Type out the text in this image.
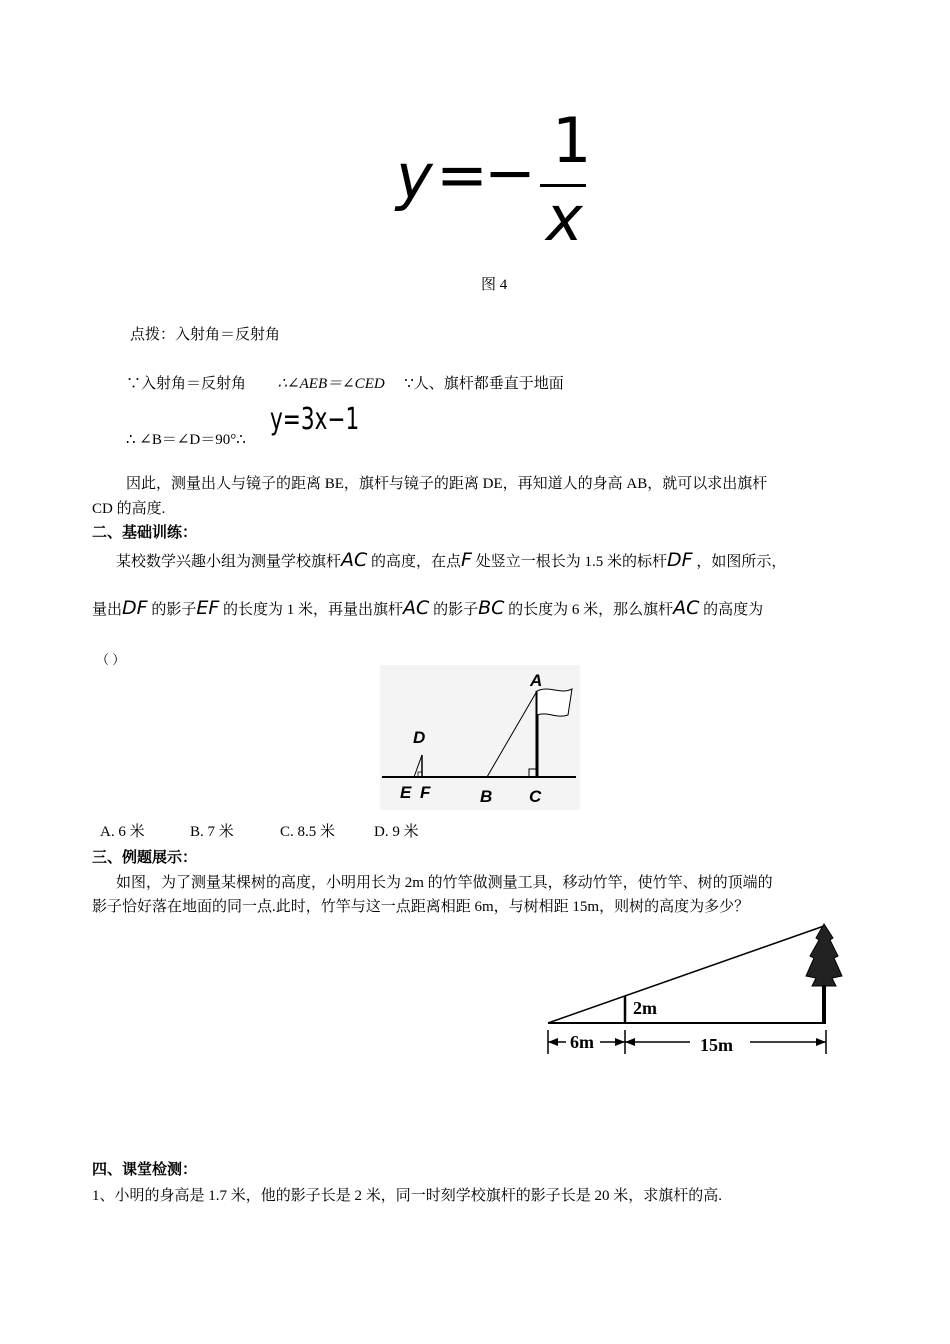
y =
− 1
x
图 4
点拨：入射角＝反射角
∵入射角＝反射角 ∴∠AEB＝∠CED ∵人、旗杆都垂直于地面
∴ ∠B＝∠D＝90°∴
y=3x−1
因此，测量出人与镜子的距离 BE，旗杆与镜子的距离 DE，再知道人的身高 AB，就可以求出旗杆
CD 的高度.
二、基础训练：
某校数学兴趣小组为测量学校旗杆AC 的高度，在点F 处竖立一根长为 1.5 米的标杆DF ，如图所示，
量出DF 的影子EF 的长度为 1 米，再量出旗杆AC 的影子BC 的长度为 6 米，那么旗杆AC 的高度为
（ ）
A
D
E F	B C
A. 6 米	B. 7 米	C. 8.5 米	D. 9 米
三、例题展示：
如图，为了测量某棵树的高度，小明用长为 2m 的竹竿做测量工具，移动竹竿，使竹竿、树的顶端的
影子恰好落在地面的同一点.此时，竹竿与这一点距离相距 6m，与树相距 15m，则树的高度为多少？
2m
6m	15m
四、课堂检测：
1、小明的身高是 1.7 米，他的影子长是 2 米，同一时刻学校旗杆的影子长是 20 米，求旗杆的高.
